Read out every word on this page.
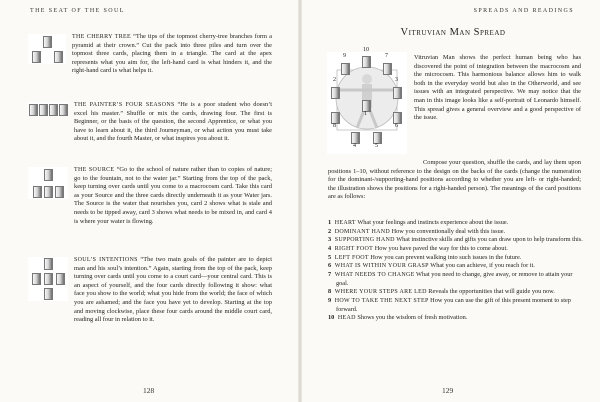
THE SEAT OF THE SOUL
THE CHERRY TREE “The tips of the topmost cherry-tree branches form a pyramid at their crown.” Cut the pack into three piles and turn over the topmost three cards, placing them in a triangle. The card at the apex represents what you aim for, the left-hand card is what hinders it, and the right-hand card is what helps it.
THE PAINTER’S FOUR SEASONS “He is a poor student who doesn’t excel his master.” Shuffle or mix the cards, drawing four. The first is Beginner, or the basis of the question, the second Apprentice, or what you have to learn about it, the third Journeyman, or what action you must take about it, and the fourth Master, or what inspires you about it.
THE SOURCE “Go to the school of nature rather than to copies of nature; go to the fountain, not to the water jar.” Starting from the top of the pack, keep turning over cards until you come to a macrocosm card. Take this card as your Source and the three cards directly underneath it as your Water jars. The Source is the water that nourishes you, card 2 shows what is stale and needs to be tipped away, card 3 shows what needs to be mixed in, and card 4 is where your water is flowing.
SOUL’S INTENTIONS “The two main goals of the painter are to depict man and his soul’s intention.” Again, starting from the top of the pack, keep turning over cards until you come to a court card—your central card. This is an aspect of yourself, and the four cards directly following it show: what face you show to the world; what you hide from the world; the face of which you are ashamed; and the face you have yet to develop. Starting at the top and moving clockwise, place these four cards around the middle court card, reading all four in relation to it.
128
SPREADS AND READINGS
129
Vitruvian Man Spread
9
10
7
2	3
8	6
4	5
1
Vitruvian Man shows the perfect human being who has discovered the point of integration between the macrocosm and the microcosm. This harmonious balance allows him to walk both in the everyday world but also in the Otherworld, and see issues with an integrated perspective. We may notice that the man in this image looks like a self-portrait of Leonardo himself. This spread gives a general overview and a good perspective of the issue.
Compose your question, shuffle the cards, and lay them upon positions 1–10, without reference to the design on the backs of the cards (change the numeration for the dominant-/supporting-hand positions according to whether you are left- or right-handed; the illustration shows the positions for a right-handed person). The meanings of the card positions are as follows:
1 HEART What your feelings and instincts experience about the issue.
2 DOMINANT HAND How you conventionally deal with this issue.
3 SUPPORTING HAND What instinctive skills and gifts you can draw upon to help transform this.
4 RIGHT FOOT How you have paved the way for this to come about.
5 LEFT FOOT How you can prevent walking into such issues in the future.
6 WHAT IS WITHIN YOUR GRASP What you can achieve, if you reach for it.
7 WHAT NEEDS TO CHANGE What you need to change, give away, or remove to attain your goal.
8 WHERE YOUR STEPS ARE LED Reveals the opportunities that will guide you now.
9 HOW TO TAKE THE NEXT STEP How you can use the gift of this present moment to step forward.
10 HEAD Shows you the wisdom of fresh motivation.
